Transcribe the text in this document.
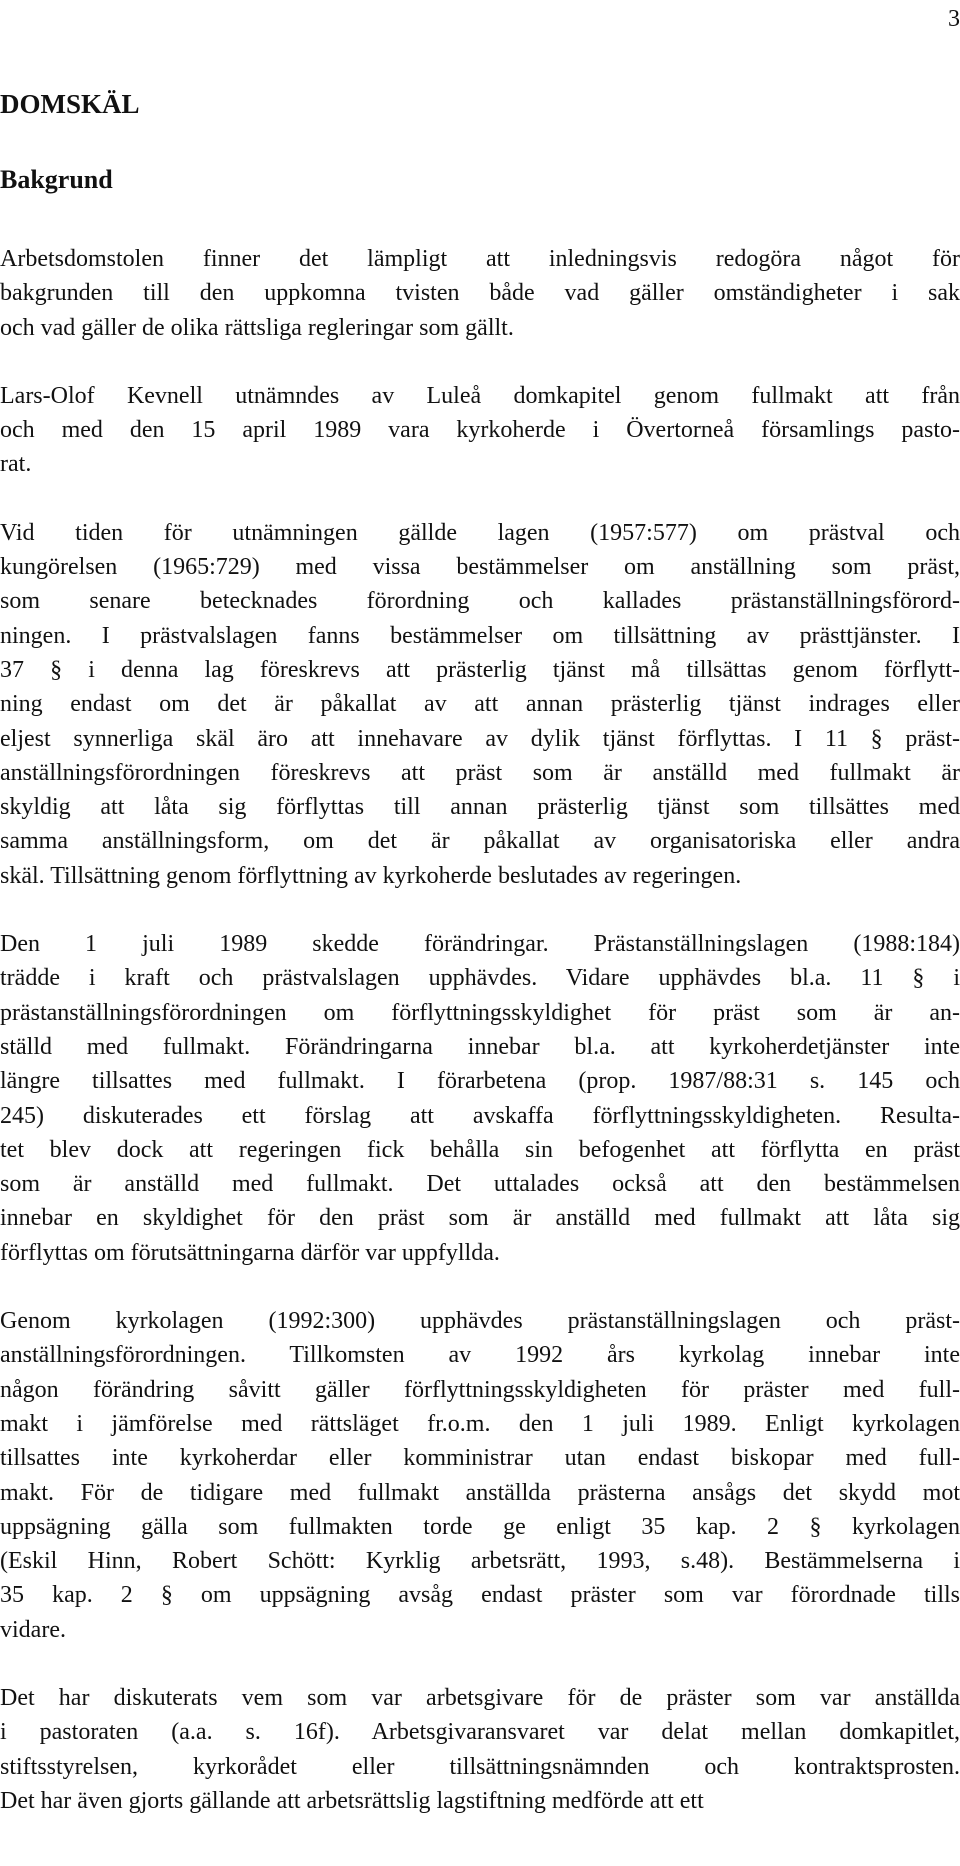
3
DOMSKÄL
Bakgrund
Arbetsdomstolen finner det lämpligt att inledningsvis redogöra något för
bakgrunden till den uppkomna tvisten både vad gäller omständigheter i sak
och vad gäller de olika rättsliga regleringar som gällt.
Lars-Olof Kevnell utnämndes av Luleå domkapitel genom fullmakt att från
och med den 15 april 1989 vara kyrkoherde i Övertorneå församlings pasto-
rat.
Vid tiden för utnämningen gällde lagen (1957:577) om prästval och
kungörelsen (1965:729) med vissa bestämmelser om anställning som präst,
som senare betecknades förordning och kallades prästanställningsförord-
ningen. I prästvalslagen fanns bestämmelser om tillsättning av prästtjänster. I
37 § i denna lag föreskrevs att prästerlig tjänst må tillsättas genom förflytt-
ning endast om det är påkallat av att annan prästerlig tjänst indrages eller
eljest synnerliga skäl äro att innehavare av dylik tjänst förflyttas. I 11 § präst-
anställningsförordningen föreskrevs att präst som är anställd med fullmakt är
skyldig att låta sig förflyttas till annan prästerlig tjänst som tillsättes med
samma anställningsform, om det är påkallat av organisatoriska eller andra
skäl. Tillsättning genom förflyttning av kyrkoherde beslutades av regeringen.
Den 1 juli 1989 skedde förändringar. Prästanställningslagen (1988:184)
trädde i kraft och prästvalslagen upphävdes. Vidare upphävdes bl.a. 11 § i
prästanställningsförordningen om förflyttningsskyldighet för präst som är an-
ställd med fullmakt. Förändringarna innebar bl.a. att kyrkoherdetjänster inte
längre tillsattes med fullmakt. I förarbetena (prop. 1987/88:31 s. 145 och
245) diskuterades ett förslag att avskaffa förflyttningsskyldigheten. Resulta-
tet blev dock att regeringen fick behålla sin befogenhet att förflytta en präst
som är anställd med fullmakt. Det uttalades också att den bestämmelsen
innebar en skyldighet för den präst som är anställd med fullmakt att låta sig
förflyttas om förutsättningarna därför var uppfyllda.
Genom kyrkolagen (1992:300) upphävdes prästanställningslagen och präst-
anställningsförordningen. Tillkomsten av 1992 års kyrkolag innebar inte
någon förändring såvitt gäller förflyttningsskyldigheten för präster med full-
makt i jämförelse med rättsläget fr.o.m. den 1 juli 1989. Enligt kyrkolagen
tillsattes inte kyrkoherdar eller komministrar utan endast biskopar med full-
makt. För de tidigare med fullmakt anställda prästerna ansågs det skydd mot
uppsägning gälla som fullmakten torde ge enligt 35 kap. 2 § kyrkolagen
(Eskil Hinn, Robert Schött: Kyrklig arbetsrätt, 1993, s.48). Bestämmelserna i
35 kap. 2 § om uppsägning avsåg endast präster som var förordnade tills
vidare.
Det har diskuterats vem som var arbetsgivare för de präster som var anställda
i pastoraten (a.a. s. 16f). Arbetsgivaransvaret var delat mellan domkapitlet,
stiftsstyrelsen, kyrkorådet eller tillsättningsnämnden och kontraktsprosten.
Det har även gjorts gällande att arbetsrättslig lagstiftning medförde att ett
